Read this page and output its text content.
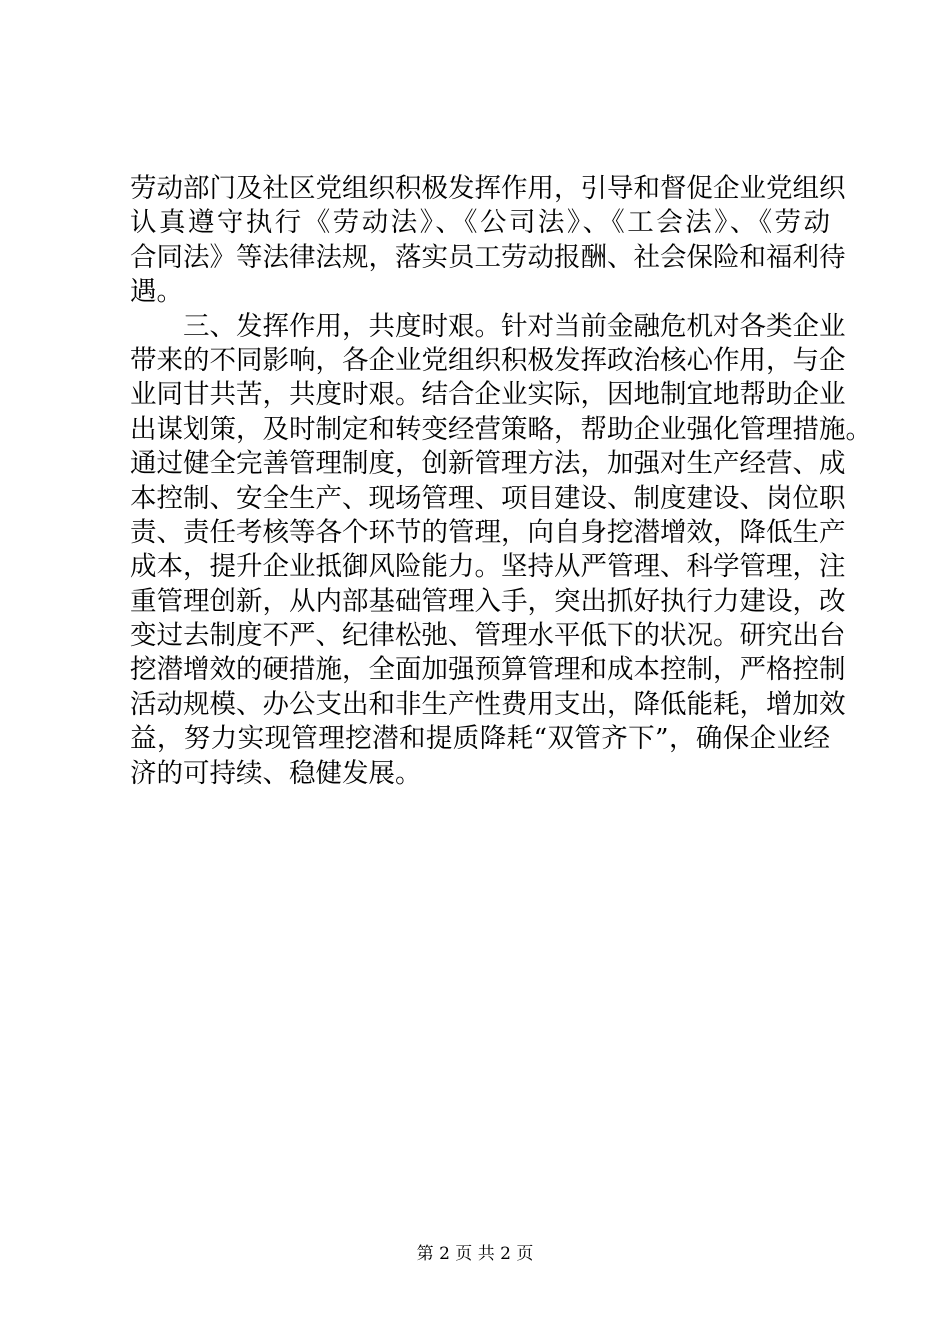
劳动部门及社区党组织积极发挥作用，引导和督促企业党组织
认真遵守执行《劳动法》、《公司法》、《工会法》、《劳动
合同法》等法律法规，落实员工劳动报酬、社会保险和福利待
遇。
　　三、发挥作用，共度时艰。针对当前金融危机对各类企业
带来的不同影响，各企业党组织积极发挥政治核心作用，与企
业同甘共苦，共度时艰。结合企业实际，因地制宜地帮助企业
出谋划策，及时制定和转变经营策略，帮助企业强化管理措施。
通过健全完善管理制度，创新管理方法，加强对生产经营、成
本控制、安全生产、现场管理、项目建设、制度建设、岗位职
责、责任考核等各个环节的管理，向自身挖潜增效，降低生产
成本，提升企业抵御风险能力。坚持从严管理、科学管理，注
重管理创新，从内部基础管理入手，突出抓好执行力建设，改
变过去制度不严、纪律松弛、管理水平低下的状况。研究出台
挖潜增效的硬措施，全面加强预算管理和成本控制，严格控制
活动规模、办公支出和非生产性费用支出，降低能耗，增加效
益，努力实现管理挖潜和提质降耗“双管齐下”，确保企业经
济的可持续、稳健发展。
第 2 页 共 2 页
